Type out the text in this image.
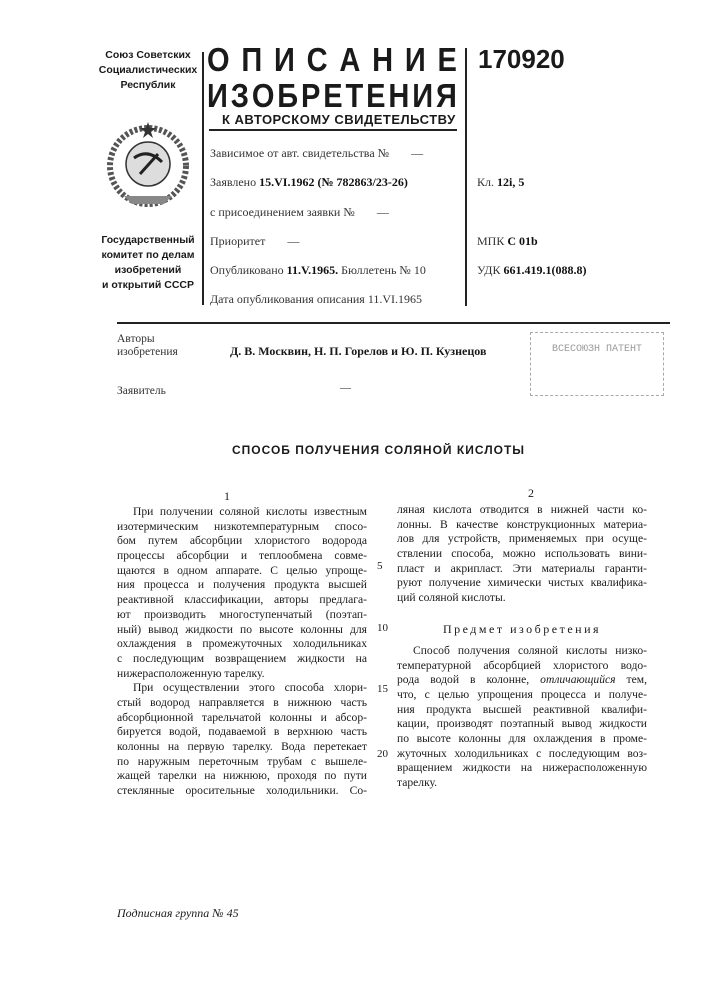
Союз Советских
Социалистических
Республик
Государственный
комитет по делам
изобретений
и открытий СССР
О П И С А Н И Е
И З О Б Р Е Т Е Н И Я
К АВТОРСКОМУ СВИДЕТЕЛЬСТВУ
170920
Зависимое от авт. свидетельства № —
Заявлено 15.VI.1962 (№ 782863/23-26)
с присоединением заявки № —
Приоритет —
Опубликовано 11.V.1965. Бюллетень № 10
Дата опубликования описания 11.VI.1965
Кл. 12i, 5
МПК C 01b
УДК 661.419.1(088.8)
Авторы
изобретения	Д. В. Москвин, Н. П. Горелов и Ю. П. Кузнецов
Заявитель	—
ВСЕСОЮЗН ПАТЕНТ
СПОСОБ ПОЛУЧЕНИЯ СОЛЯНОЙ КИСЛОТЫ
1	2
При получении соляной кислоты известным
изотермическим низкотемпературным спосо-
бом путем абсорбции хлористого водорода
процессы абсорбции и теплообмена совме-
щаются в одном аппарате. С целью упроще-
ния процесса и получения продукта высшей
реактивной классификации, авторы предлага-
ют производить многоступенчатый (поэтап-
ный) вывод жидкости по высоте колонны для
охлаждения в промежуточных холодильниках
с последующим возвращением жидкости на
нижерасположенную тарелку.
При осуществлении этого способа хлори-
стый водород направляется в нижнюю часть
абсорбционной тарельчатой колонны и абсор-
бируется водой, подаваемой в верхнюю часть
колонны на первую тарелку. Вода перетекает
по наружным переточным трубам с вышеле-
жащей тарелки на нижнюю, проходя по пути
стеклянные оросительные холодильники. Со-
ляная кислота отводится в нижней части ко-
лонны. В качестве конструкционных материа-
лов для устройств, применяемых при осуще-
ствлении способа, можно использовать вини-
пласт и акрипласт. Эти материалы гаранти-
руют получение химически чистых квалифика-
ций соляной кислоты.
Предмет изобретения
Способ получения соляной кислоты низко-
температурной абсорбцией хлористого водо-
рода водой в колонне, отличающийся тем,
что, с целью упрощения процесса и получе-
ния продукта высшей реактивной квалифи-
кации, производят поэтапный вывод жидкости
по высоте колонны для охлаждения в проме-
жуточных холодильниках с последующим воз-
вращением жидкости на нижерасположенную
тарелку.
5
10
15
20
Подписная группа № 45
